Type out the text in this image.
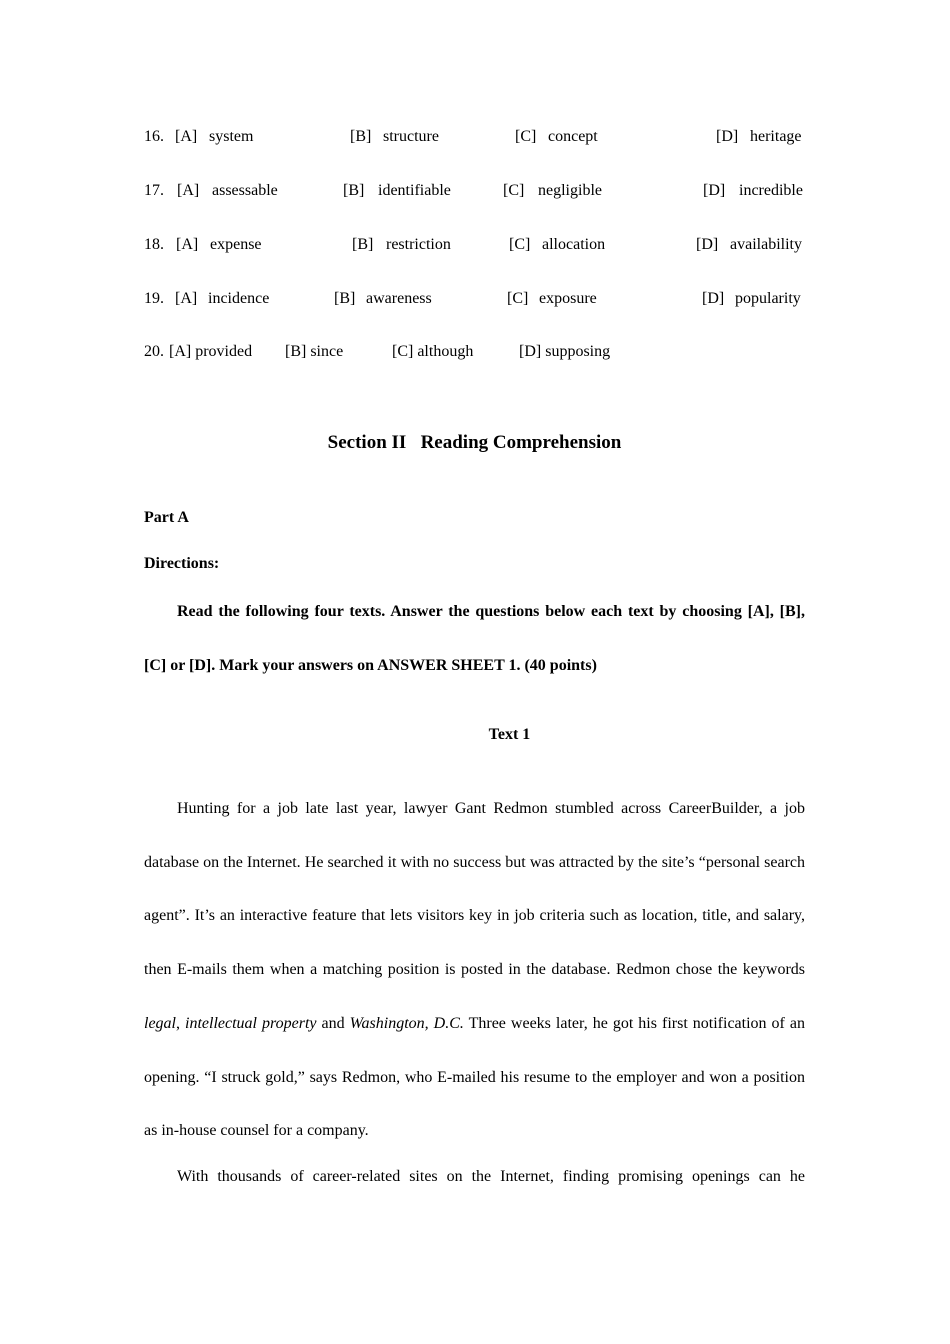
16. [A] system	[B] structure	[C] concept	[D] heritage
17. [A] assessable	[B] identifiable	[C] negligible	[D] incredible
18. [A] expense	[B] restriction	[C] allocation	[D] availability
19. [A] incidence	[B] awareness	[C] exposure	[D] popularity
20. [A] provided [B] since	[C] although	[D] supposing
Section II   Reading Comprehension
Part A
Directions:

Read the following four texts. Answer the questions below each text by choosing [A], [B], [C] or [D]. Mark your answers on ANSWER SHEET 1. (40 points)

Text 1

Hunting for a job late last year, lawyer Gant Redmon stumbled across CareerBuilder, a job database on the Internet. He searched it with no success but was attracted by the site’s “personal search agent”. It’s an interactive feature that lets visitors key in job criteria such as location, title, and salary, then E-mails them when a matching position is posted in the database. Redmon chose the keywords legal, intellectual property and Washington, D.C. Three weeks later, he got his first notification of an opening. “I struck gold,” says Redmon, who E-mailed his resume to the employer and won a position as in-house counsel for a company.

With thousands of career-related sites on the Internet, finding promising openings can he
